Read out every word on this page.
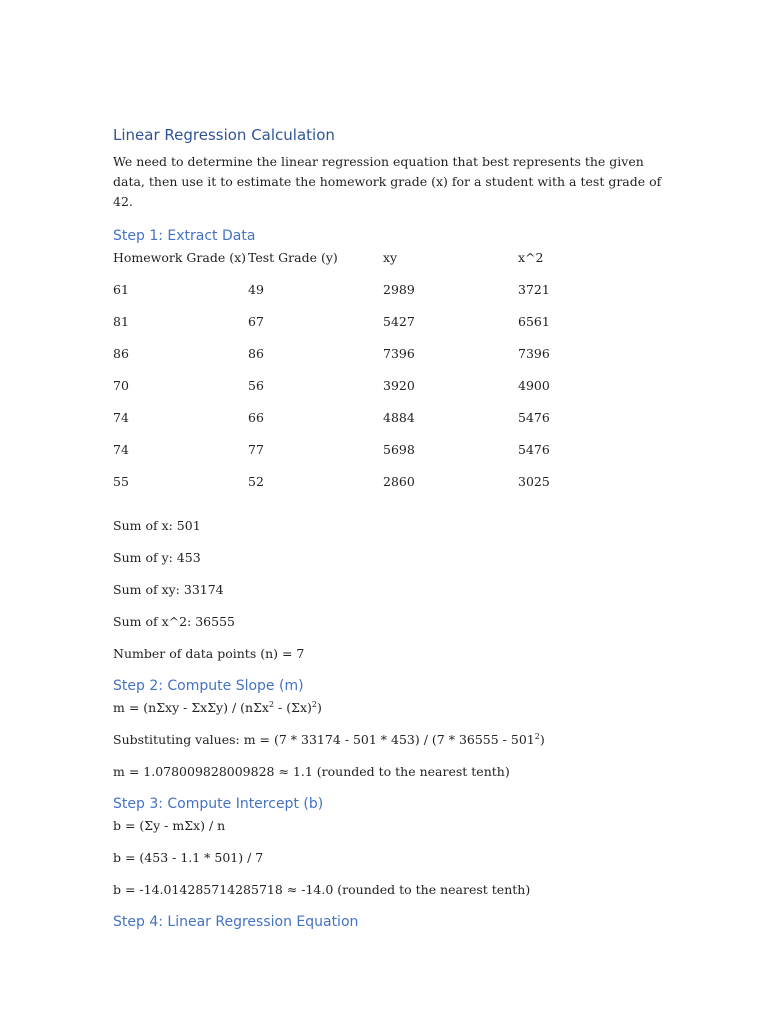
Linear Regression Calculation

We need to determine the linear regression equation that best represents the given data, then use it to estimate the homework grade (x) for a student with a test grade of 42.

Step 1: Extract Data
Homework Grade (x)	Test Grade (y)	xy	x^2
61	49	2989	3721
81	67	5427	6561
86	86	7396	7396
70	56	3920	4900
74	66	4884	5476
74	77	5698	5476
55	52	2860	3025

Sum of x: 501

Sum of y: 453

Sum of xy: 33174

Sum of x^2: 36555

Number of data points (n) = 7

Step 2: Compute Slope (m)

$m = (n\Sigma xy - \Sigma x\Sigma y) / (n\Sigma x^2 - (\Sigma x)^2)$

Substituting values: $m = (7 * 33174 - 501 * 453) / (7 * 36555 - 501^2)$

m = 1.078009828009828 ≈ 1.1 (rounded to the nearest tenth)

Step 3: Compute Intercept (b)

b = (Σy - mΣx) / n

b = (453 - 1.1 * 501) / 7

b = -14.014285714285718 ≈ -14.0 (rounded to the nearest tenth)

Step 4: Linear Regression Equation
